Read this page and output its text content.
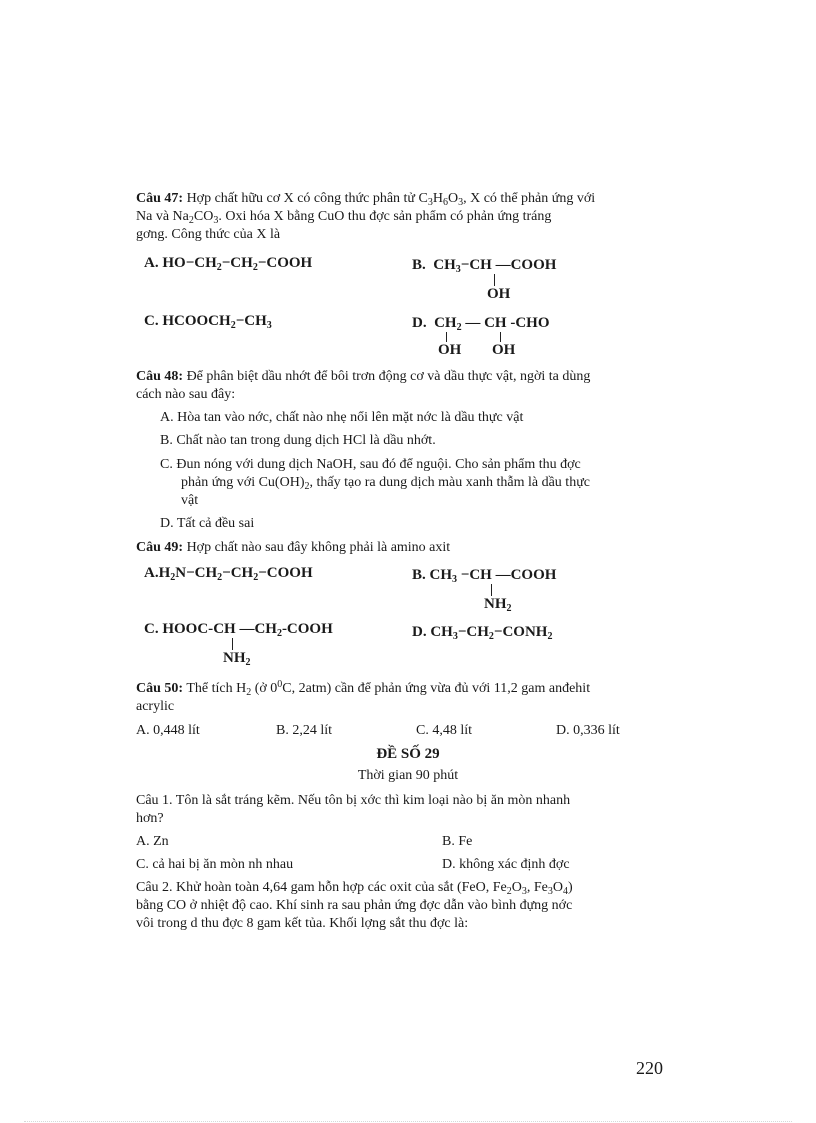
Câu 47: Hợp chất hữu cơ X có công thức phân tử $C_3H_6O_3$, X có thể phản ứng với
Na và $Na_2CO_3$. Oxi hóa X bằng CuO thu đợc sản phẩm có phản ứng tráng
gơng. Công thức của X là
A. $HO-CH_2-CH_2-COOH$	B. $CH_3-CH$ —COOH
OH
C. $HCOOCH_2-CH_3$	D. $CH_2$ — CH -CHO
OH OH
Câu 48: Để phân biệt dầu nhớt để bôi trơn động cơ và dầu thực vật, ngời ta dùng
cách nào sau đây:
A. Hòa tan vào nớc, chất nào nhẹ nổi lên mặt nớc là dầu thực vật
B. Chất nào tan trong dung dịch HCl là dầu nhớt.
C. Đun nóng với dung dịch NaOH, sau đó để nguội. Cho sản phẩm thu đợc
phản ứng với $Cu(OH)_2$, thấy tạo ra dung dịch màu xanh thẫm là dầu thực
vật
D. Tất cả đều sai
Câu 49: Hợp chất nào sau đây không phải là amino axit
$A.H_2N-CH_2-CH_2-COOH$	B. $CH_3 -CH$ —COOH
$NH_2$
C. HOOC-CH $—CH_2$-COOH
$NH_2$
D. $CH_3-CH_2-CONH_2$
Câu 50: Thể tích $H_2$ (ở $0^0C$, 2atm) cần để phản ứng vừa đủ với 11,2 gam anđehit
acrylic
A. 0,448 lít	B. 2,24 lít	C. 4,48 lít	D. 0,336 lít
ĐỀ SỐ 29
Thời gian 90 phút
Câu 1. Tôn là sắt tráng kẽm. Nếu tôn bị xớc thì kim loại nào bị ăn mòn nhanh
hơn?
A. Zn	B. Fe
C. cả hai bị ăn mòn nh nhau	D. không xác định đợc
Câu 2. Khử hoàn toàn 4,64 gam hỗn hợp các oxit của sắt (FeO, $Fe_2O_3$, $Fe_3O_4$)
bằng CO ở nhiệt độ cao. Khí sinh ra sau phản ứng đợc dẫn vào bình đựng nớc
vôi trong d thu đợc 8 gam kết tủa. Khối lợng sắt thu đợc là:
220
